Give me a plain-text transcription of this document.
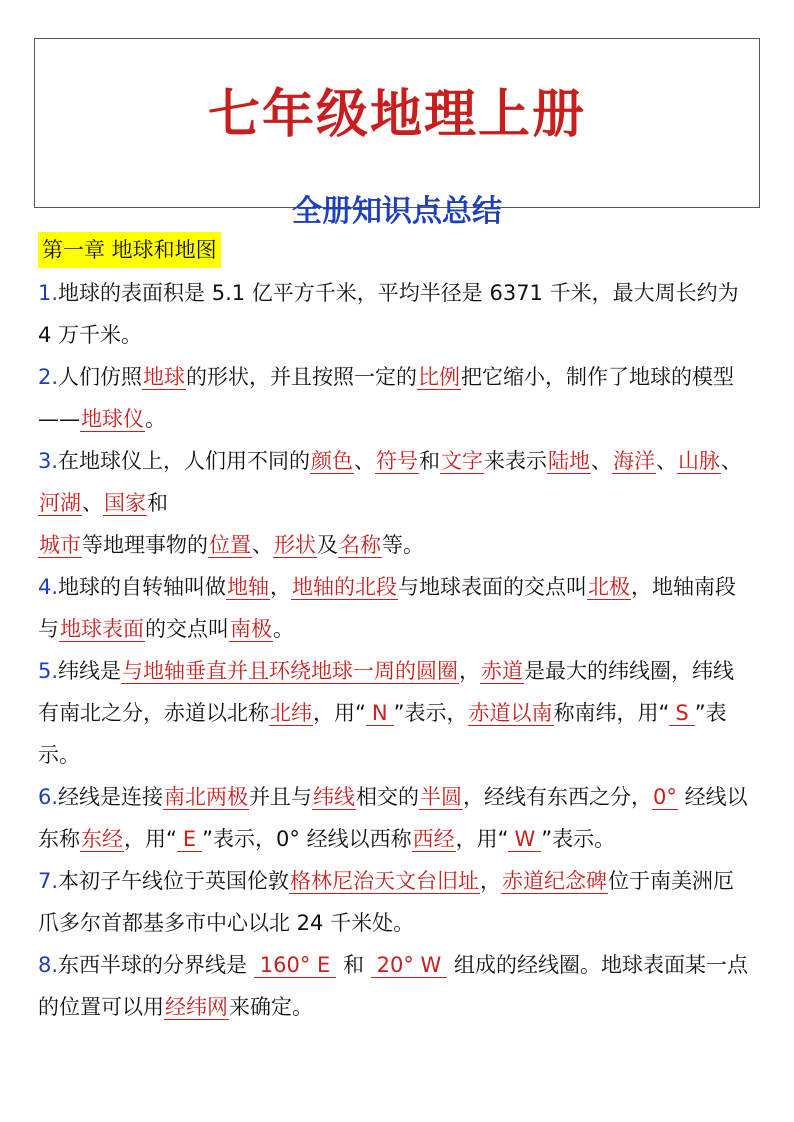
七年级地理上册
全册知识点总结
第一章 地球和地图

1.地球的表面积是 5.1 亿平方千米，平均半径是 6371 千米，最大周长约为 4 万千米。

2.人们仿照地球的形状，并且按照一定的比例把它缩小，制作了地球的模型——地球仪。

3.在地球仪上，人们用不同的颜色、符号和文字来表示陆地、海洋、山脉、河湖、国家和
城市等地理事物的位置、形状及名称等。

4.地球的自转轴叫做地轴，地轴的北段与地球表面的交点叫北极，地轴南段与地球表面的交点叫南极。

5.纬线是与地轴垂直并且环绕地球一周的圆圈，赤道是最大的纬线圈，纬线有南北之分，赤道以北称北纬，用“ N ”表示，赤道以南称南纬，用“ S ”表示。

6.经线是连接南北两极并且与纬线相交的半圆，经线有东西之分，0° 经线以东称东经，用“ E ”表示，0° 经线以西称西经，用“ W ”表示。

7.本初子午线位于英国伦敦格林尼治天文台旧址，赤道纪念碑位于南美洲厄爪多尔首都基多市中心以北 24 千米处。

8.东西半球的分界线是 160° E 和 20° W 组成的经线圈。地球表面某一点的位置可以用经纬网来确定。
